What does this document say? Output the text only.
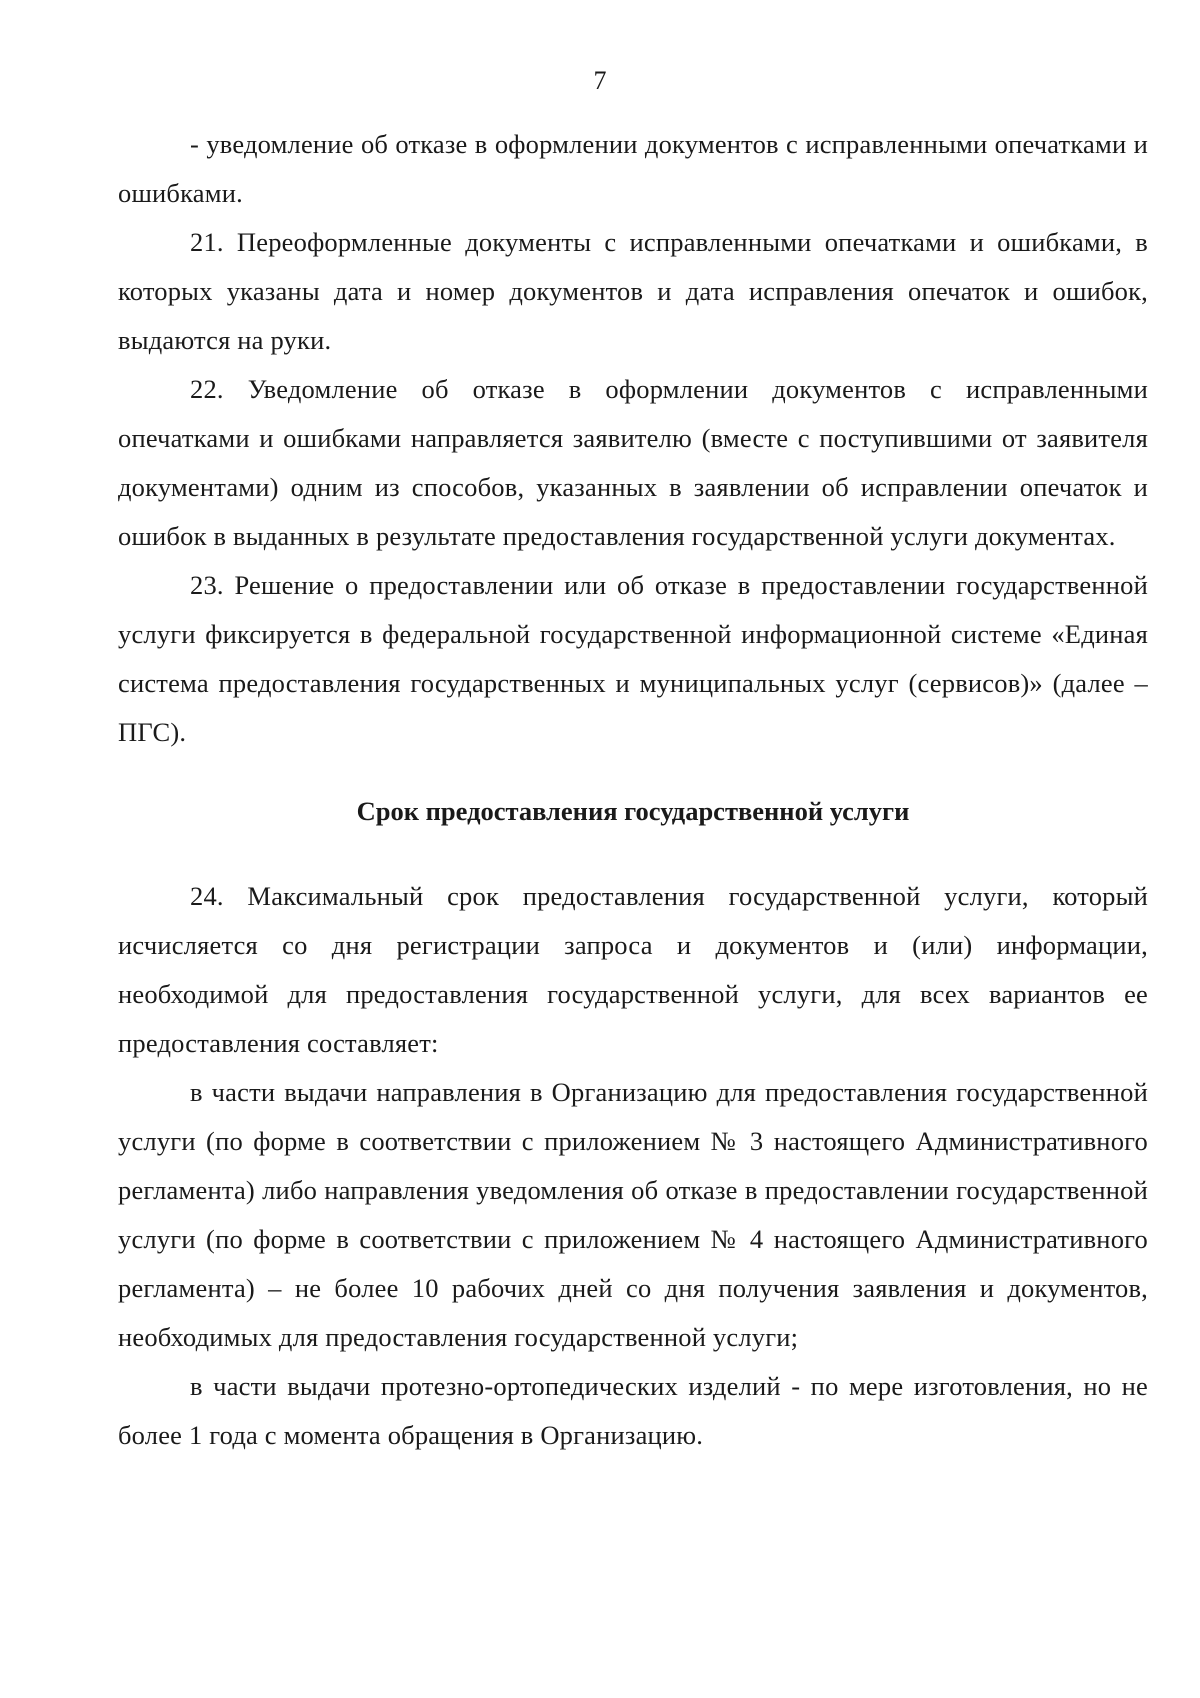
7

- уведомление об отказе в оформлении документов с исправленными опечатками и ошибками.

21. Переоформленные документы с исправленными опечатками и ошибками, в которых указаны дата и номер документов и дата исправления опечаток и ошибок, выдаются на руки.

22. Уведомление об отказе в оформлении документов с исправленными опечатками и ошибками направляется заявителю (вместе с поступившими от заявителя документами) одним из способов, указанных в заявлении об исправлении опечаток и ошибок в выданных в результате предоставления государственной услуги документах.

23. Решение о предоставлении или об отказе в предоставлении государственной услуги фиксируется в федеральной государственной информационной системе «Единая система предоставления государственных и муниципальных услуг (сервисов)» (далее – ПГС).

Срок предоставления государственной услуги

24. Максимальный срок предоставления государственной услуги, который исчисляется со дня регистрации запроса и документов и (или) информации, необходимой для предоставления государственной услуги, для всех вариантов ее предоставления составляет:

в части выдачи направления в Организацию для предоставления государственной услуги (по форме в соответствии с приложением № 3 настоящего Административного регламента) либо направления уведомления об отказе в предоставлении государственной услуги (по форме в соответствии с приложением № 4 настоящего Административного регламента) – не более 10 рабочих дней со дня получения заявления и документов, необходимых для предоставления государственной услуги;

в части выдачи протезно-ортопедических изделий - по мере изготовления, но не более 1 года с момента обращения в Организацию.
